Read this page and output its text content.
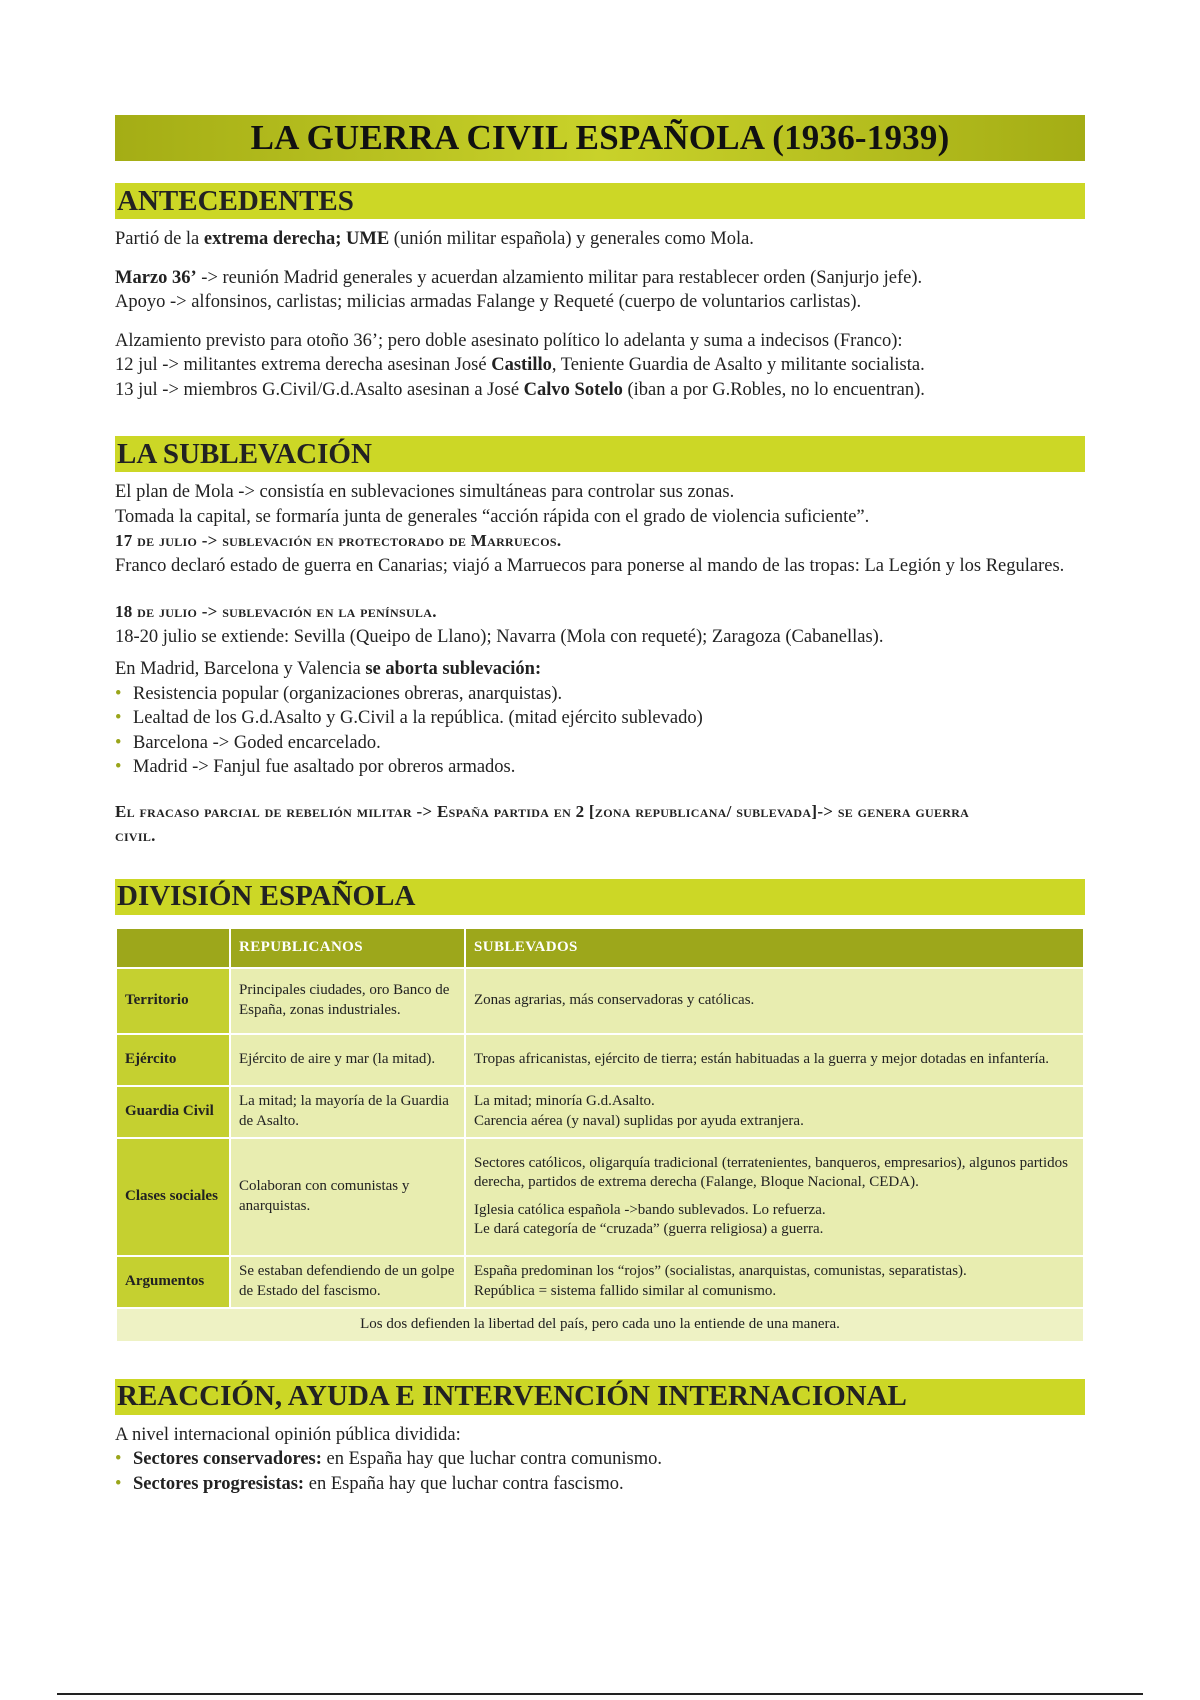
LA GUERRA CIVIL ESPAÑOLA (1936-1939)
ANTECEDENTES

Partió de la extrema derecha; UME (unión militar española) y generales como Mola.

Marzo 36’ -> reunión Madrid generales y acuerdan alzamiento militar para restablecer orden (Sanjurjo jefe).
Apoyo -> alfonsinos, carlistas; milicias armadas Falange y Requeté (cuerpo de voluntarios carlistas).

Alzamiento previsto para otoño 36’; pero doble asesinato político lo adelanta y suma a indecisos (Franco):
12 jul -> militantes extrema derecha asesinan José Castillo, Teniente Guardia de Asalto y militante socialista.
13 jul -> miembros G.Civil/G.d.Asalto asesinan a José Calvo Sotelo (iban a por G.Robles, no lo encuentran).

LA SUBLEVACIÓN

El plan de Mola -> consistía en sublevaciones simultáneas para controlar sus zonas.
Tomada la capital, se formaría junta de generales “acción rápida con el grado de violencia suficiente”.
17 de julio -> sublevación en protectorado de Marruecos.
Franco declaró estado de guerra en Canarias; viajó a Marruecos para ponerse al mando de las tropas: La Legión y los Regulares.

18 de julio -> sublevación en la península.
18-20 julio se extiende: Sevilla (Queipo de Llano); Navarra (Mola con requeté); Zaragoza (Cabanellas).

En Madrid, Barcelona y Valencia se aborta sublevación:

• Resistencia popular (organizaciones obreras, anarquistas).
• Lealtad de los G.d.Asalto y G.Civil a la república. (mitad ejército sublevado)
• Barcelona -> Goded encarcelado.
• Madrid -> Fanjul fue asaltado por obreros armados.

El fracaso parcial de rebelión militar -> España partida en 2 [zona republicana/ sublevada]-> se genera guerra civil.

DIVISIÓN ESPAÑOLA
	REPUBLICANOS	SUBLEVADOS
Territorio	Principales ciudades, oro Banco de España, zonas industriales.	Zonas agrarias, más conservadoras y católicas.
Ejército	Ejército de aire y mar (la mitad).	Tropas africanistas, ejército de tierra; están habituadas a la guerra y mejor dotadas en infantería.
Guardia Civil	La mitad; la mayoría de la Guardia de Asalto.	La mitad; minoría G.d.Asalto.
Carencia aérea (y naval) suplidas por ayuda extranjera.
Clases sociales	Colaboran con comunistas y anarquistas.	Sectores católicos, oligarquía tradicional (terratenientes, banqueros, empresarios), algunos partidos derecha, partidos de extrema derecha (Falange, Bloque Nacional, CEDA).
Iglesia católica española ->bando sublevados. Lo refuerza.
Le dará categoría de “cruzada” (guerra religiosa) a guerra.

Argumentos	Se estaban defendiendo de un golpe de Estado del fascismo.	España predominan los “rojos” (socialistas, anarquistas, comunistas, separatistas).
República = sistema fallido similar al comunismo.
Los dos defienden la libertad del país, pero cada uno la entiende de una manera.		
REACCIÓN, AYUDA E INTERVENCIÓN INTERNACIONAL

A nivel internacional opinión pública dividida:

• Sectores conservadores: en España hay que luchar contra comunismo.
• Sectores progresistas: en España hay que luchar contra fascismo.
